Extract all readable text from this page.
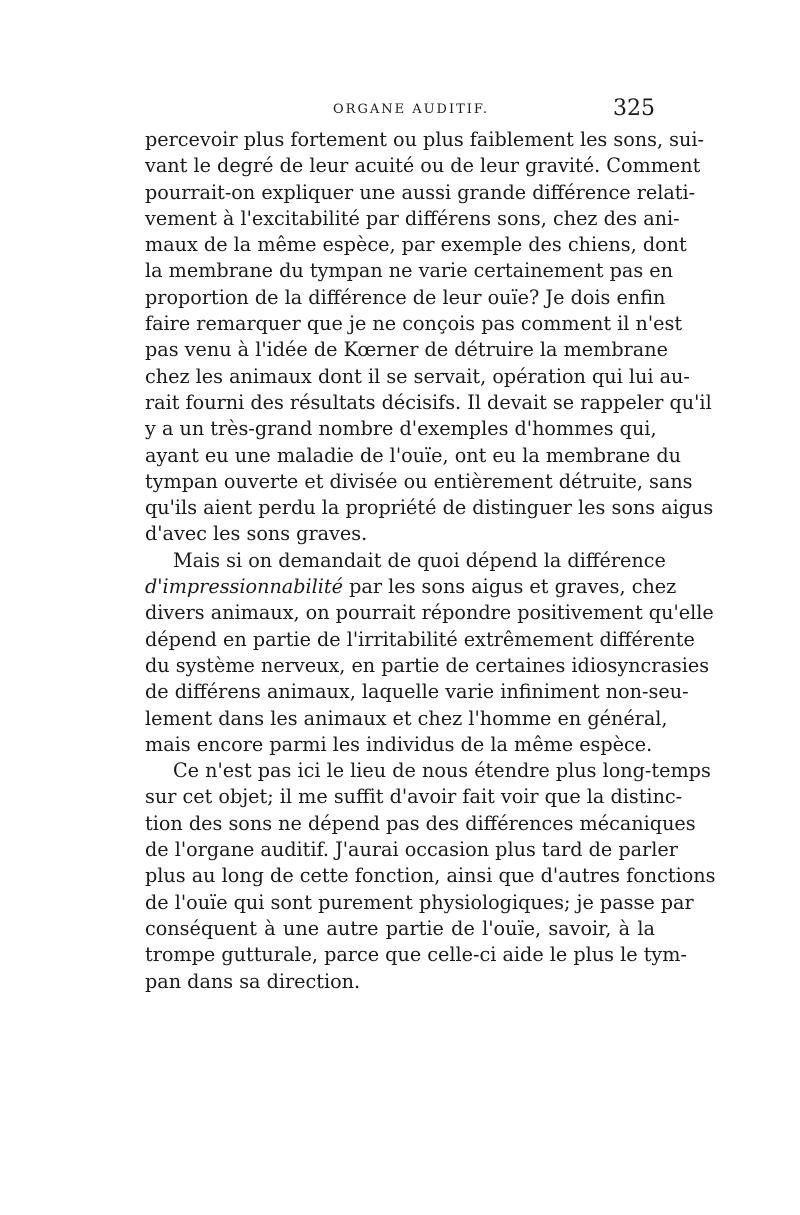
ORGANE AUDITIF.	325
percevoir plus fortement ou plus faiblement les sons, sui-
vant le degré de leur acuité ou de leur gravité. Comment
pourrait-on expliquer une aussi grande différence relati-
vement à l'excitabilité par différens sons, chez des ani-
maux de la même espèce, par exemple des chiens, dont
la membrane du tympan ne varie certainement pas en
proportion de la différence de leur ouïe? Je dois enfin
faire remarquer que je ne conçois pas comment il n'est
pas venu à l'idée de Kœrner de détruire la membrane
chez les animaux dont il se servait, opération qui lui au-
rait fourni des résultats décisifs. Il devait se rappeler qu'il
y a un très-grand nombre d'exemples d'hommes qui,
ayant eu une maladie de l'ouïe, ont eu la membrane du
tympan ouverte et divisée ou entièrement détruite, sans
qu'ils aient perdu la propriété de distinguer les sons aigus
d'avec les sons graves.
Mais si on demandait de quoi dépend la différence
d'impressionnabilité par les sons aigus et graves, chez
divers animaux, on pourrait répondre positivement qu'elle
dépend en partie de l'irritabilité extrêmement différente
du système nerveux, en partie de certaines idiosyncrasies
de différens animaux, laquelle varie infiniment non-seu-
lement dans les animaux et chez l'homme en général,
mais encore parmi les individus de la même espèce.
Ce n'est pas ici le lieu de nous étendre plus long-temps
sur cet objet; il me suffit d'avoir fait voir que la distinc-
tion des sons ne dépend pas des différences mécaniques
de l'organe auditif. J'aurai occasion plus tard de parler
plus au long de cette fonction, ainsi que d'autres fonctions
de l'ouïe qui sont purement physiologiques; je passe par
conséquent à une autre partie de l'ouïe, savoir, à la
trompe gutturale, parce que celle-ci aide le plus le tym-
pan dans sa direction.
